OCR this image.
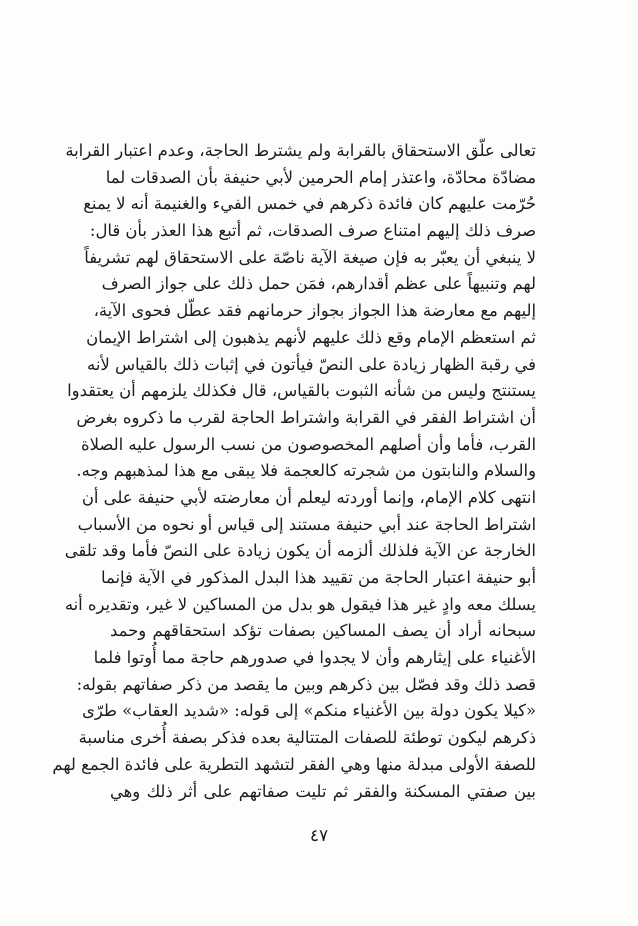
تعالى علّق الاستحقاق بالقرابة ولم يشترط الحاجة، وعدم اعتبار القرابة
مضادّة محادّة، واعتذر إمام الحرمين لأبي حنيفة بأن الصدقات لما
حُرّمت عليهم كان فائدة ذكرهم في خمس الفيء والغنيمة أنه لا يمنع
صرف ذلك إليهم امتناع صرف الصدقات، ثم أتبع هذا العذر بأن قال:
لا ينبغي أن يعبّر به فإن صيغة الآية ناصّة على الاستحقاق لهم تشريفاً
لهم وتنبيهاً على عظم أقدارهم، فمَن حمل ذلك على جواز الصرف
إليهم مع معارضة هذا الجواز بجواز حرمانهم فقد عطّل فحوى الآية،
ثم استعظم الإمام وقع ذلك عليهم لأنهم يذهبون إلى اشتراط الإيمان
في رقبة الظهار زيادة على النصّ فيأتون في إثبات ذلك بالقياس لأنه
يستنتج وليس من شأنه الثبوت بالقياس، قال فكذلك يلزمهم أن يعتقدوا
أن اشتراط الفقر في القرابة واشتراط الحاجة لقرب ما ذكروه بغرض
القرب، فأما وأن أصلهم المخصوصون من نسب الرسول عليه الصلاة
والسلام والنابتون من شجرته كالعجمة فلا يبقى مع هذا لمذهبهم وجه.
انتهى كلام الإمام، وإنما أوردته ليعلم أن معارضته لأبي حنيفة على أن
اشتراط الحاجة عند أبي حنيفة مستند إلى قياس أو نحوه من الأسباب
الخارجة عن الآية فلذلك ألزمه أن يكون زيادة على النصّ فأما وقد تلقى
أبو حنيفة اعتبار الحاجة من تقييد هذا البدل المذكور في الآية فإنما
يسلك معه وادٍ غير هذا فيقول هو بدل من المساكين لا غير، وتقديره أنه
سبحانه أراد أن يصف المساكين بصفات تؤكد استحقاقهم وحمد
الأغنياء على إيثارهم وأن لا يجدوا في صدورهم حاجة مما أُوتوا فلما
قصد ذلك وقد فصّل بين ذكرهم وبين ما يقصد من ذكر صفاتهم بقوله:
«كيلا يكون دولة بين الأغنياء منكم» إلى قوله: «شديد العقاب» طرّى
ذكرهم ليكون توطئة للصفات المتتالية بعده فذكر بصفة أُخرى مناسبة
للصفة الأولى مبدلة منها وهي الفقر لتشهد التطرية على فائدة الجمع لهم
بين صفتي المسكنة والفقر ثم تليت صفاتهم على أثر ذلك وهي
٤٧
